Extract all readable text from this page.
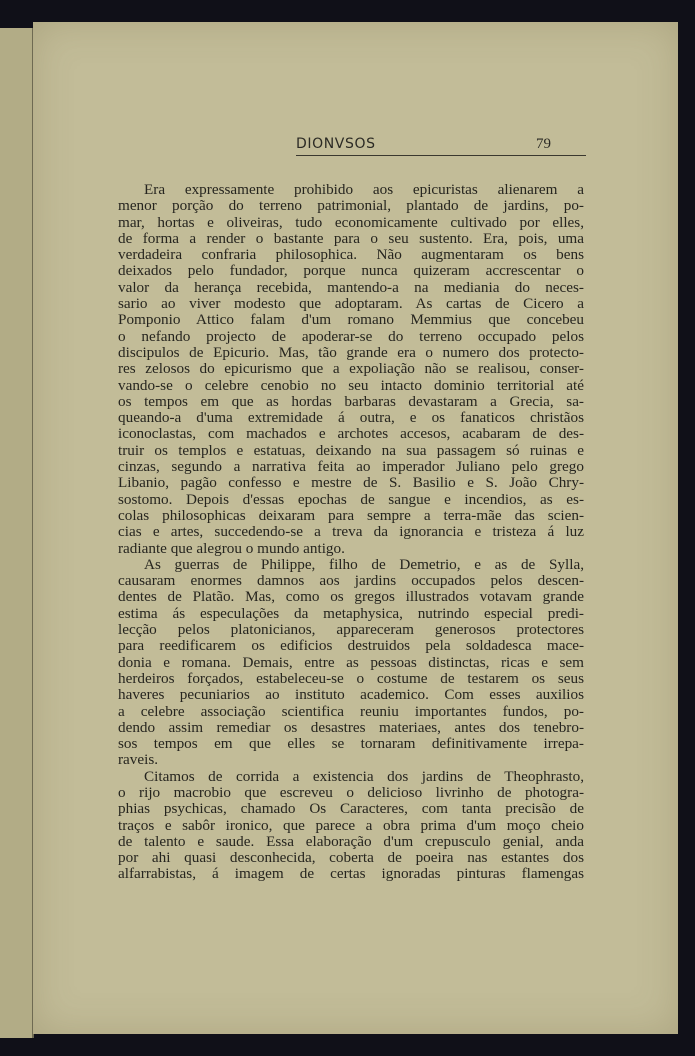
DIONVSOS	79
Era expressamente prohibido aos epicuristas alienarem a
menor porção do terreno patrimonial, plantado de jardins, po-
mar, hortas e oliveiras, tudo economicamente cultivado por elles,
de forma a render o bastante para o seu sustento. Era, pois, uma
verdadeira confraria philosophica. Não augmentaram os bens
deixados pelo fundador, porque nunca quizeram accrescentar o
valor da herança recebida, mantendo-a na mediania do neces-
sario ao viver modesto que adoptaram. As cartas de Cicero a
Pomponio Attico falam d'um romano Memmius que concebeu
o nefando projecto de apoderar-se do terreno occupado pelos
discipulos de Epicurio. Mas, tão grande era o numero dos protecto-
res zelosos do epicurismo que a expoliação não se realisou, conser-
vando-se o celebre cenobio no seu intacto dominio territorial até
os tempos em que as hordas barbaras devastaram a Grecia, sa-
queando-a d'uma extremidade á outra, e os fanaticos christãos
iconoclastas, com machados e archotes accesos, acabaram de des-
truir os templos e estatuas, deixando na sua passagem só ruinas e
cinzas, segundo a narrativa feita ao imperador Juliano pelo grego
Libanio, pagão confesso e mestre de S. Basilio e S. João Chry-
sostomo. Depois d'essas epochas de sangue e incendios, as es-
colas philosophicas deixaram para sempre a terra-mãe das scien-
cias e artes, succedendo-se a treva da ignorancia e tristeza á luz
radiante que alegrou o mundo antigo.
As guerras de Philippe, filho de Demetrio, e as de Sylla,
causaram enormes damnos aos jardins occupados pelos descen-
dentes de Platão. Mas, como os gregos illustrados votavam grande
estima ás especulações da metaphysica, nutrindo especial predi-
lecção pelos platonicianos, appareceram generosos protectores
para reedificarem os edificios destruidos pela soldadesca mace-
donia e romana. Demais, entre as pessoas distinctas, ricas e sem
herdeiros forçados, estabeleceu-se o costume de testarem os seus
haveres pecuniarios ao instituto academico. Com esses auxilios
a celebre associação scientifica reuniu importantes fundos, po-
dendo assim remediar os desastres materiaes, antes dos tenebro-
sos tempos em que elles se tornaram definitivamente irrepa-
raveis.
Citamos de corrida a existencia dos jardins de Theophrasto,
o rijo macrobio que escreveu o delicioso livrinho de photogra-
phias psychicas, chamado Os Caracteres, com tanta precisão de
traços e sabôr ironico, que parece a obra prima d'um moço cheio
de talento e saude. Essa elaboração d'um crepusculo genial, anda
por ahi quasi desconhecida, coberta de poeira nas estantes dos
alfarrabistas, á imagem de certas ignoradas pinturas flamengas
